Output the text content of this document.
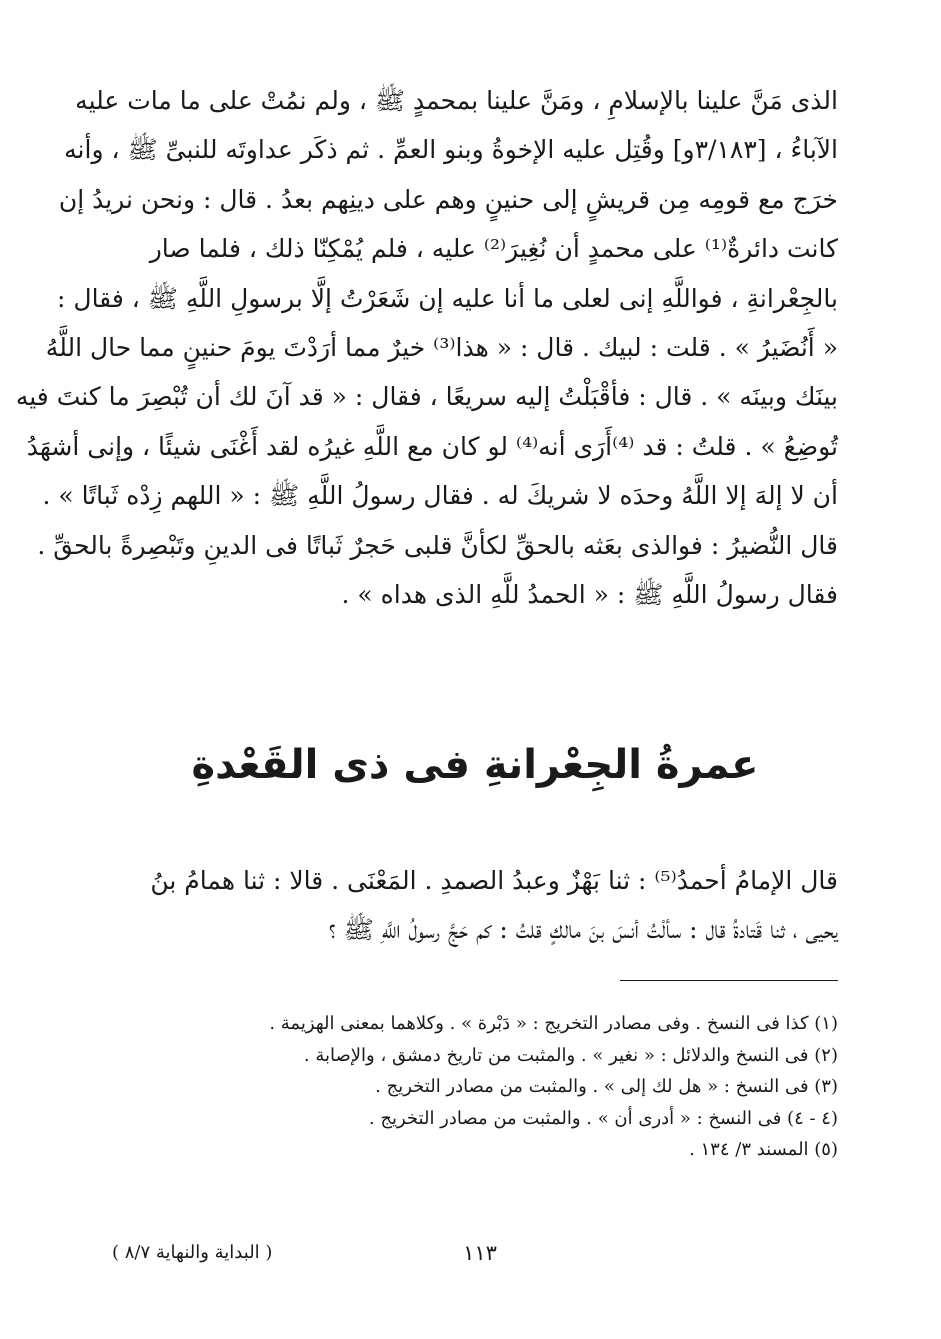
الذى مَنَّ علينا بالإسلامِ ، ومَنَّ علينا بمحمدٍ ﷺ ، ولم نمُتْ على ما مات عليه
الآباءُ ، [٣/١٨٣و] وقُتِل عليه الإخوةُ وبنو العمِّ . ثم ذكَر عداوتَه للنبىِّ ﷺ ، وأنه
خرَج مع قومِه مِن قريشٍ إلى حنينٍ وهم على دينِهم بعدُ . قال : ونحن نريدُ إن
كانت دائرةٌ⁽¹⁾ على محمدٍ أن نُغِيرَ⁽²⁾ عليه ، فلم يُمْكِنّا ذلك ، فلما صار
بالجِعْرانةِ ، فواللَّهِ إنى لعلى ما أنا عليه إن شَعَرْتُ إلَّا برسولِ اللَّهِ ﷺ ، فقال :
« أَنُضَيرُ » . قلت : لبيك . قال : « هذا⁽³⁾ خيرٌ مما أرَدْتَ يومَ حنينٍ مما حال اللَّهُ
بينَك وبينَه » . قال : فأقْبَلْتُ إليه سريعًا ، فقال : « قد آنَ لك أن تُبْصِرَ ما كنتَ فيه
تُوضِعُ » . قلتُ : قد ⁽⁴⁾أَرَى أنه⁽⁴⁾ لو كان مع اللَّهِ غيرُه لقد أَغْنَى شيئًا ، وإنى أشهَدُ
أن لا إلهَ إلا اللَّهُ وحدَه لا شريكَ له . فقال رسولُ اللَّهِ ﷺ : « اللهم زِدْه ثَباتًا » .
قال النُّضيرُ : فوالذى بعَثه بالحقِّ لكأنَّ قلبى حَجرٌ ثَباتًا فى الدينِ وتَبْصِرةً بالحقِّ .
فقال رسولُ اللَّهِ ﷺ : « الحمدُ للَّهِ الذى هداه » .
عمرةُ الجِعْرانةِ فى ذى القَعْدةِ
قال الإمامُ أحمدُ⁽⁵⁾ : ثنا بَهْزٌ وعبدُ الصمدِ . المَعْنَى . قالا : ثنا همامُ بنُ
يحيى ، ثنا قَتادةُ قال : سألْتُ أنسَ بنَ مالكٍ قلتُ : كم حَجَّ رسولُ اللَّهِ ﷺ ؟
(١) كذا فى النسخ . وفى مصادر التخريج : « دَبْرة » . وكلاهما بمعنى الهزيمة .
(٢) فى النسخ والدلائل : « نغير » . والمثبت من تاريخ دمشق ، والإصابة .
(٣) فى النسخ : « هل لك إلى » . والمثبت من مصادر التخريج .
(٤ - ٤) فى النسخ : « أدرى أن » . والمثبت من مصادر التخريج .
(٥) المسند ٣/ ١٣٤ .
١١٣
( البداية والنهاية ٨/٧ )
